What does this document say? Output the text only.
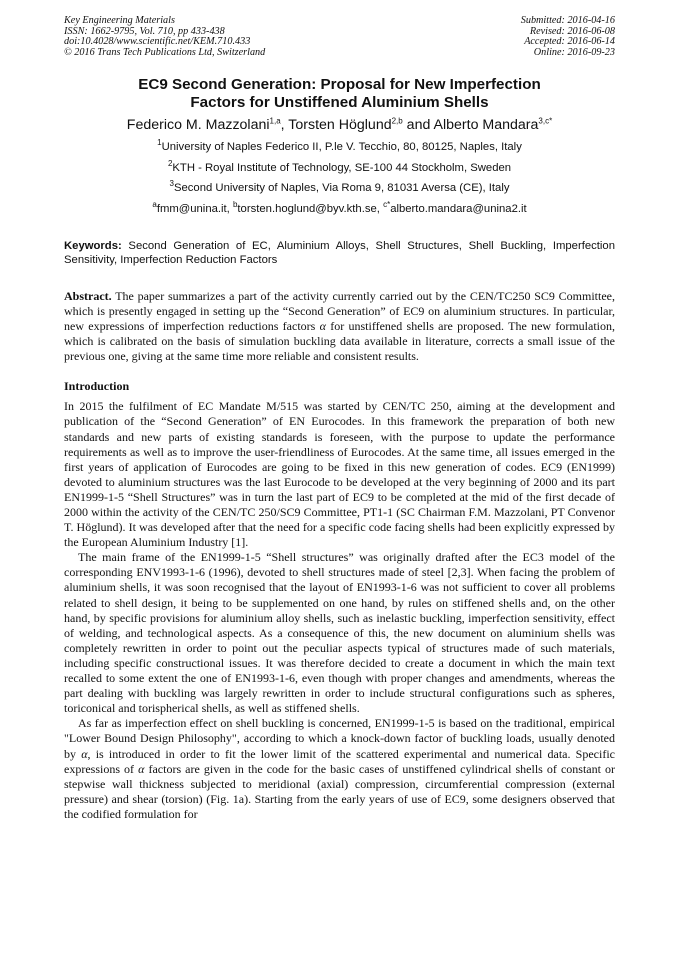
Key Engineering Materials
ISSN: 1662-9795, Vol. 710, pp 433-438
doi:10.4028/www.scientific.net/KEM.710.433
© 2016 Trans Tech Publications Ltd, Switzerland
Submitted: 2016-04-16
Revised: 2016-06-08
Accepted: 2016-06-14
Online: 2016-09-23
EC9 Second Generation: Proposal for New Imperfection
Factors for Unstiffened Aluminium Shells
Federico M. Mazzolani$^{1,a}$, Torsten Höglund$^{2,b}$ and Alberto Mandara$^{3,c*}$
$^1$University of Naples Federico II, P.le V. Tecchio, 80, 80125, Naples, Italy
$^2$KTH - Royal Institute of Technology, SE-100 44 Stockholm, Sweden
$^3$Second University of Naples, Via Roma 9, 81031 Aversa (CE), Italy
$^a$fmm@unina.it, $^b$torsten.hoglund@byv.kth.se, $^{c*}$alberto.mandara@unina2.it
Keywords: Second Generation of EC, Aluminium Alloys, Shell Structures, Shell Buckling, Imperfection Sensitivity, Imperfection Reduction Factors
Abstract. The paper summarizes a part of the activity currently carried out by the CEN/TC250 SC9 Committee, which is presently engaged in setting up the “Second Generation” of EC9 on aluminium structures. In particular, new expressions of imperfection reductions factors α for unstiffened shells are proposed. The new formulation, which is calibrated on the basis of simulation buckling data available in literature, corrects a small issue of the previous one, giving at the same time more reliable and consistent results.
Introduction

In 2015 the fulfilment of EC Mandate M/515 was started by CEN/TC 250, aiming at the development and publication of the “Second Generation” of EN Eurocodes. In this framework the preparation of both new standards and new parts of existing standards is foreseen, with the purpose to update the performance requirements as well as to improve the user-friendliness of Eurocodes. At the same time, all issues emerged in the first years of application of Eurocodes are going to be fixed in this new generation of codes. EC9 (EN1999) devoted to aluminium structures was the last Eurocode to be developed at the very beginning of 2000 and its part EN1999-1-5 “Shell Structures” was in turn the last part of EC9 to be completed at the mid of the first decade of 2000 within the activity of the CEN/TC 250/SC9 Committee, PT1-1 (SC Chairman F.M. Mazzolani, PT Convenor T. Höglund). It was developed after that the need for a specific code facing shells had been explicitly expressed by the European Aluminium Industry [1].

The main frame of the EN1999-1-5 “Shell structures” was originally drafted after the EC3 model of the corresponding ENV1993-1-6 (1996), devoted to shell structures made of steel [2,3]. When facing the problem of aluminium shells, it was soon recognised that the layout of EN1993-1-6 was not sufficient to cover all problems related to shell design, it being to be supplemented on one hand, by rules on stiffened shells and, on the other hand, by specific provisions for aluminium alloy shells, such as inelastic buckling, imperfection sensitivity, effect of welding, and technological aspects. As a consequence of this, the new document on aluminium shells was completely rewritten in order to point out the peculiar aspects typical of structures made of such materials, including specific constructional issues. It was therefore decided to create a document in which the main text recalled to some extent the one of EN1993-1-6, even though with proper changes and amendments, whereas the part dealing with buckling was largely rewritten in order to include structural configurations such as spheres, toriconical and torispherical shells, as well as stiffened shells.

As far as imperfection effect on shell buckling is concerned, EN1999-1-5 is based on the traditional, empirical "Lower Bound Design Philosophy", according to which a knock-down factor of buckling loads, usually denoted by α, is introduced in order to fit the lower limit of the scattered experimental and numerical data. Specific expressions of α factors are given in the code for the basic cases of unstiffened cylindrical shells of constant or stepwise wall thickness subjected to meridional (axial) compression, circumferential compression (external pressure) and shear (torsion) (Fig. 1a). Starting from the early years of use of EC9, some designers observed that the codified formulation for
